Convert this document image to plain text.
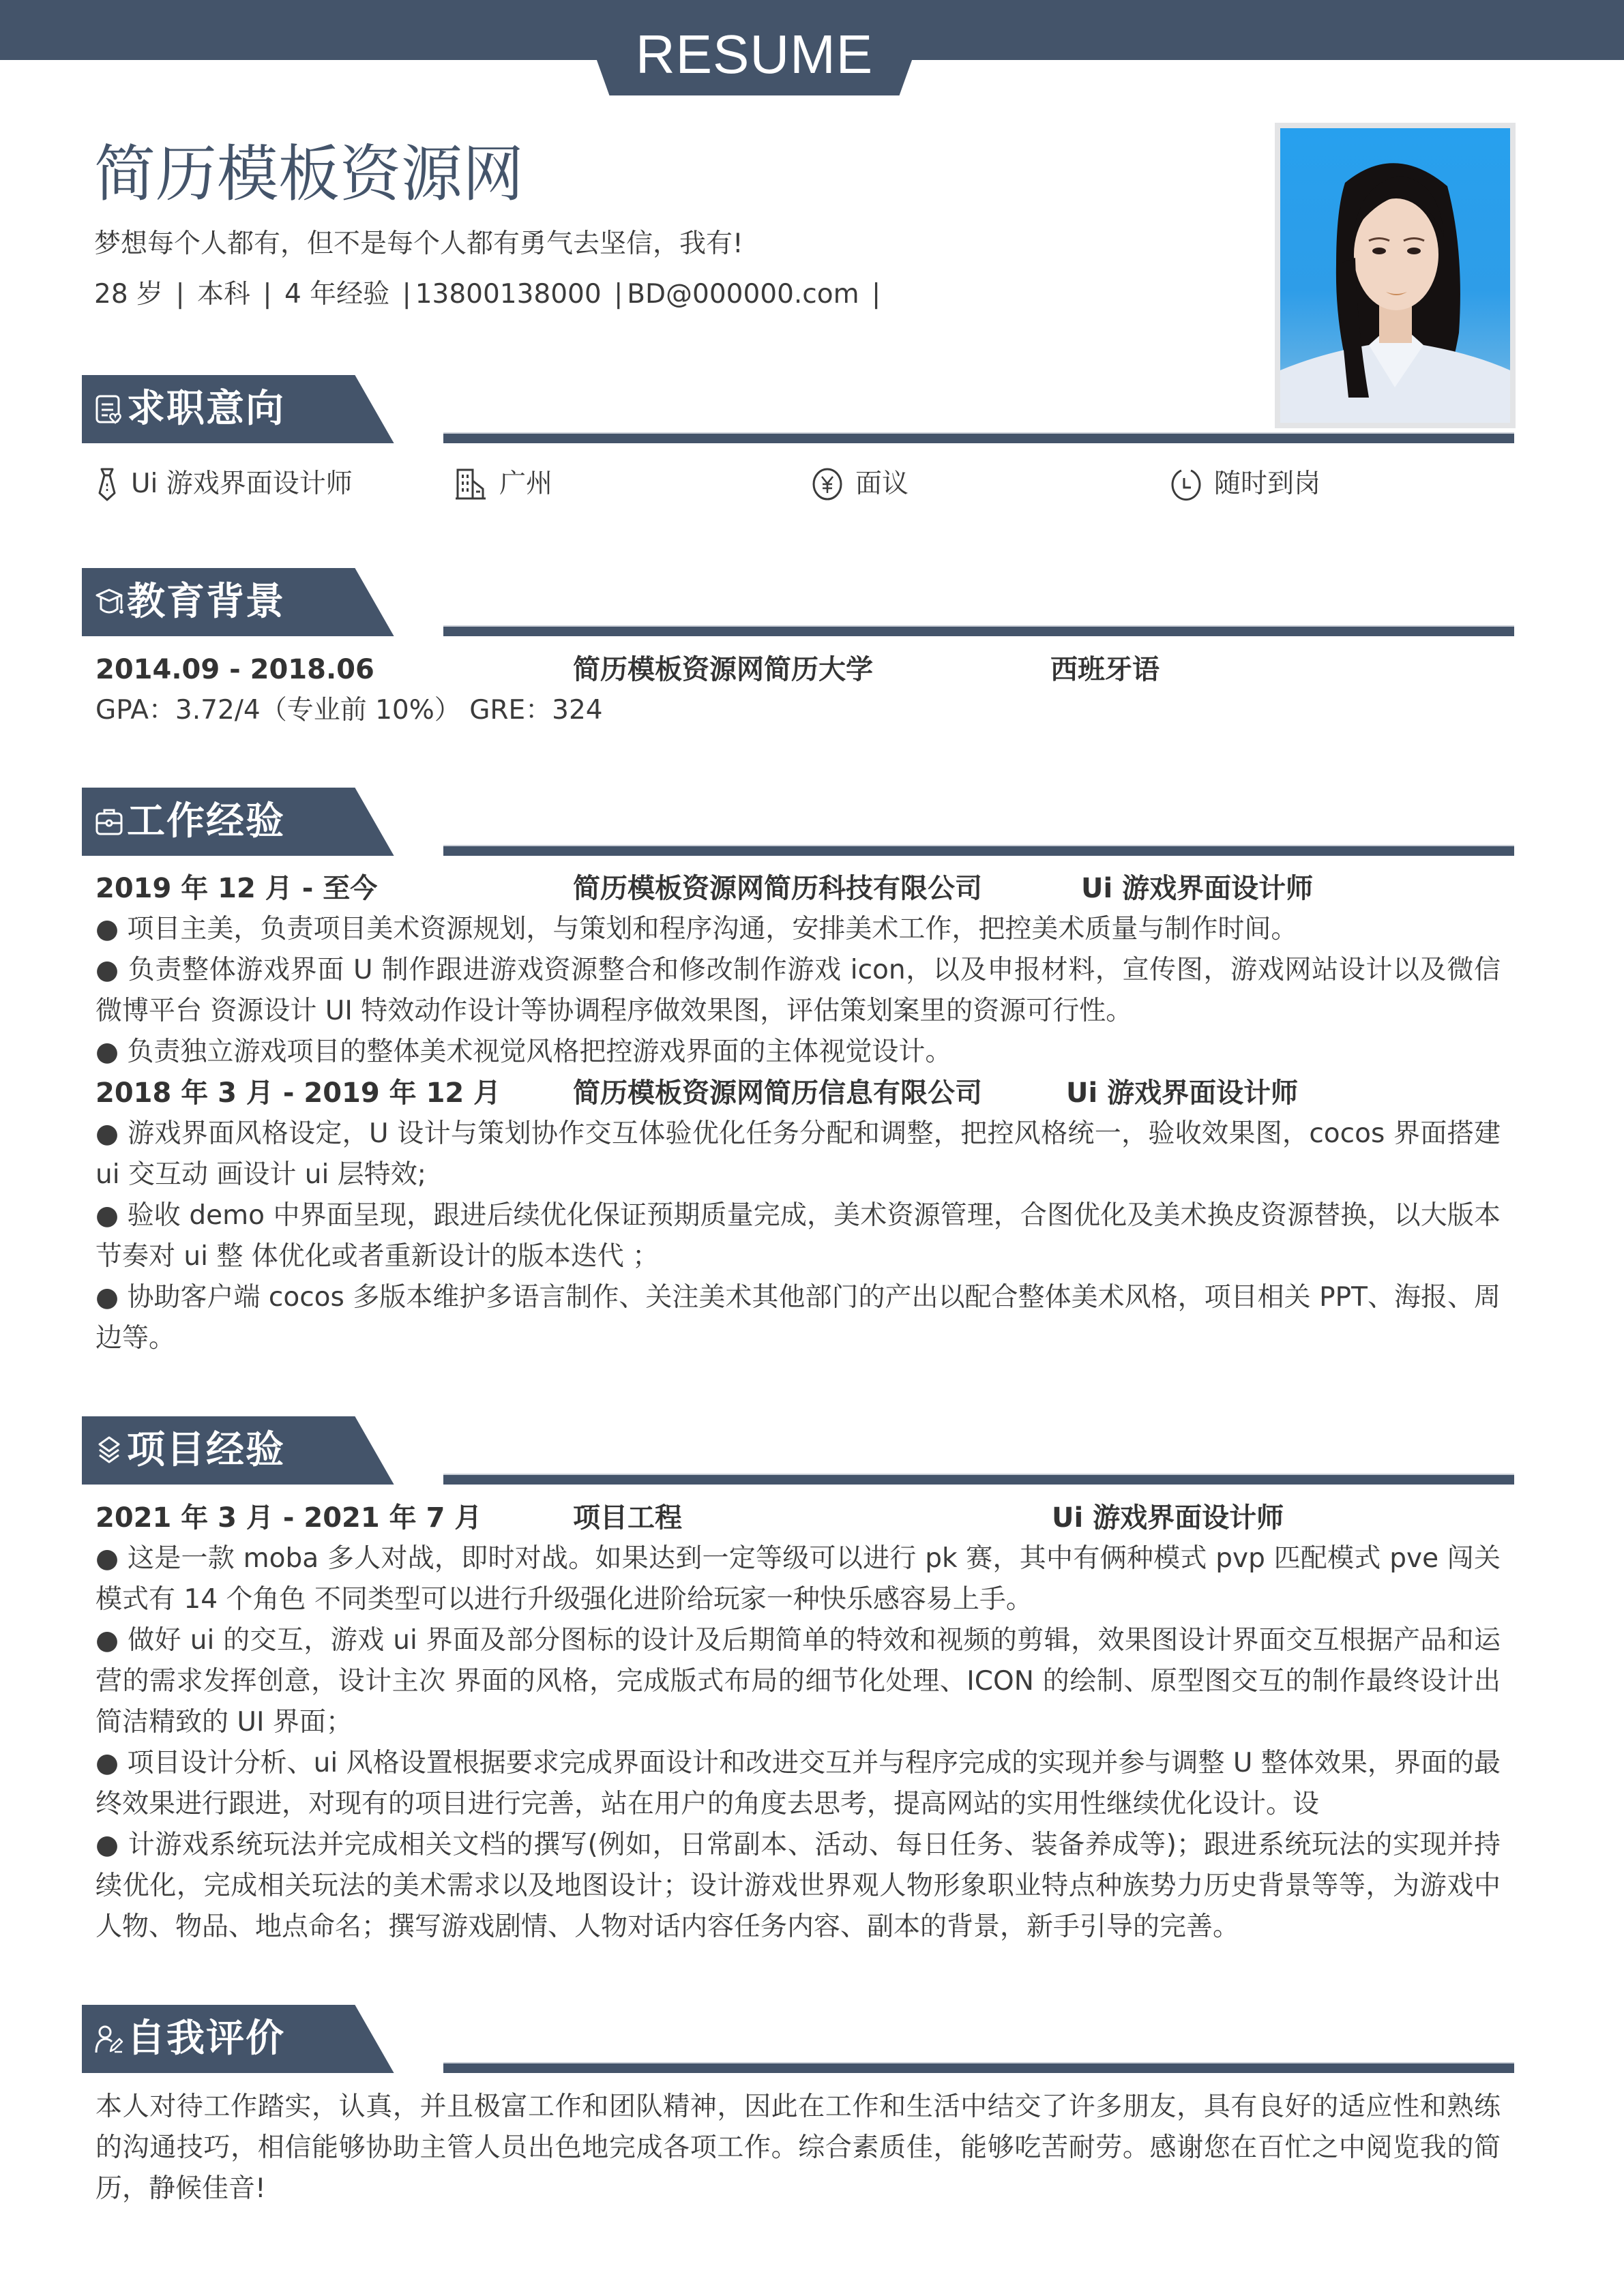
RESUME
简历模板资源网
梦想每个人都有，但不是每个人都有勇气去坚信，我有!
28 岁 | 本科 | 4 年经验 | 13800138000 | BD@000000.com |
求职意向
Ui 游戏界面设计师	广州	面议	随时到岗
教育背景
2014.09 - 2018.06	简历模板资源网简历大学	西班牙语
GPA：3.72/4（专业前 10%） GRE：324
工作经验
2019 年 12 月 - 至今	简历模板资源网简历科技有限公司	Ui 游戏界面设计师

● 项目主美，负责项目美术资源规划，与策划和程序沟通，安排美术工作，把控美术质量与制作时间。

● 负责整体游戏界面 U 制作跟进游戏资源整合和修改制作游戏 icon，以及申报材料，宣传图，游戏网站设计以及微信微博平台 资源设计 UI 特效动作设计等协调程序做效果图，评估策划案里的资源可行性。

● 负责独立游戏项目的整体美术视觉风格把控游戏界面的主体视觉设计。

2018 年 3 月 - 2019 年 12 月	简历模板资源网简历信息有限公司	Ui 游戏界面设计师

● 游戏界面风格设定，U 设计与策划协作交互体验优化任务分配和调整，把控风格统一，验收效果图，cocos 界面搭建 ui 交互动 画设计 ui 层特效;

● 验收 demo 中界面呈现，跟进后续优化保证预期质量完成，美术资源管理，合图优化及美术换皮资源替换，以大版本节奏对 ui 整 体优化或者重新设计的版本迭代 ；

● 协助客户端 cocos 多版本维护多语言制作、关注美术其他部门的产出以配合整体美术风格，项目相关 PPT、海报、周边等。

项目经验
2021 年 3 月 - 2021 年 7 月	项目工程	Ui 游戏界面设计师

● 这是一款 moba 多人对战，即时对战。如果达到一定等级可以进行 pk 赛，其中有俩种模式 pvp 匹配模式 pve 闯关模式有 14 个角色 不同类型可以进行升级强化进阶给玩家一种快乐感容易上手。

● 做好 ui 的交互，游戏 ui 界面及部分图标的设计及后期简单的特效和视频的剪辑，效果图设计界面交互根据产品和运营的需求发挥创意，设计主次 界面的风格，完成版式布局的细节化处理、ICON 的绘制、原型图交互的制作最终设计出简洁精致的 UI 界面；

● 项目设计分析、ui 风格设置根据要求完成界面设计和改进交互并与程序完成的实现并参与调整 U 整体效果，界面的最终效果进行跟进，对现有的项目进行完善，站在用户的角度去思考，提高网站的实用性继续优化设计。设

● 计游戏系统玩法并完成相关文档的撰写(例如，日常副本、活动、每日任务、装备养成等)；跟进系统玩法的实现并持续优化，完成相关玩法的美术需求以及地图设计；设计游戏世界观人物形象职业特点种族势力历史背景等等，为游戏中人物、物品、地点命名；撰写游戏剧情、人物对话内容任务内容、副本的背景，新手引导的完善。

自我评价
本人对待工作踏实，认真，并且极富工作和团队精神，因此在工作和生活中结交了许多朋友，具有良好的适应性和熟练的沟通技巧，相信能够协助主管人员出色地完成各项工作。综合素质佳，能够吃苦耐劳。感谢您在百忙之中阅览我的简历，静候佳音!
